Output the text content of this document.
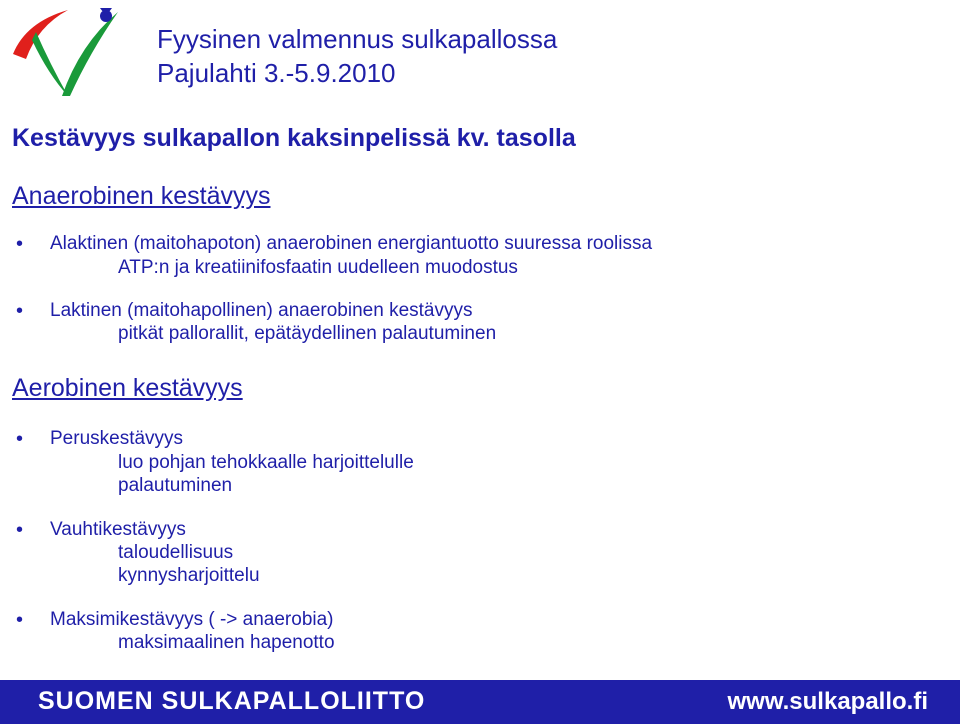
Fyysinen valmennus sulkapallossa
Pajulahti 3.-5.9.2010
Kestävyys sulkapallon kaksinpelissä kv. tasolla
Anaerobinen kestävyys
• Alaktinen (maitohapoton) anaerobinen energiantuotto suuressa roolissa
ATP:n ja kreatiinifosfaatin uudelleen muodostus
• Laktinen (maitohapollinen) anaerobinen kestävyys
pitkät pallorallit, epätäydellinen palautuminen
Aerobinen kestävyys
• Peruskestävyys
luo pohjan tehokkaalle harjoittelulle
palautuminen
• Vauhtikestävyys
taloudellisuus
kynnysharjoittelu
• Maksimikestävyys ( -> anaerobia)
maksimaalinen hapenotto
SUOMEN SULKAPALLOLIITTO	www.sulkapallo.fi
